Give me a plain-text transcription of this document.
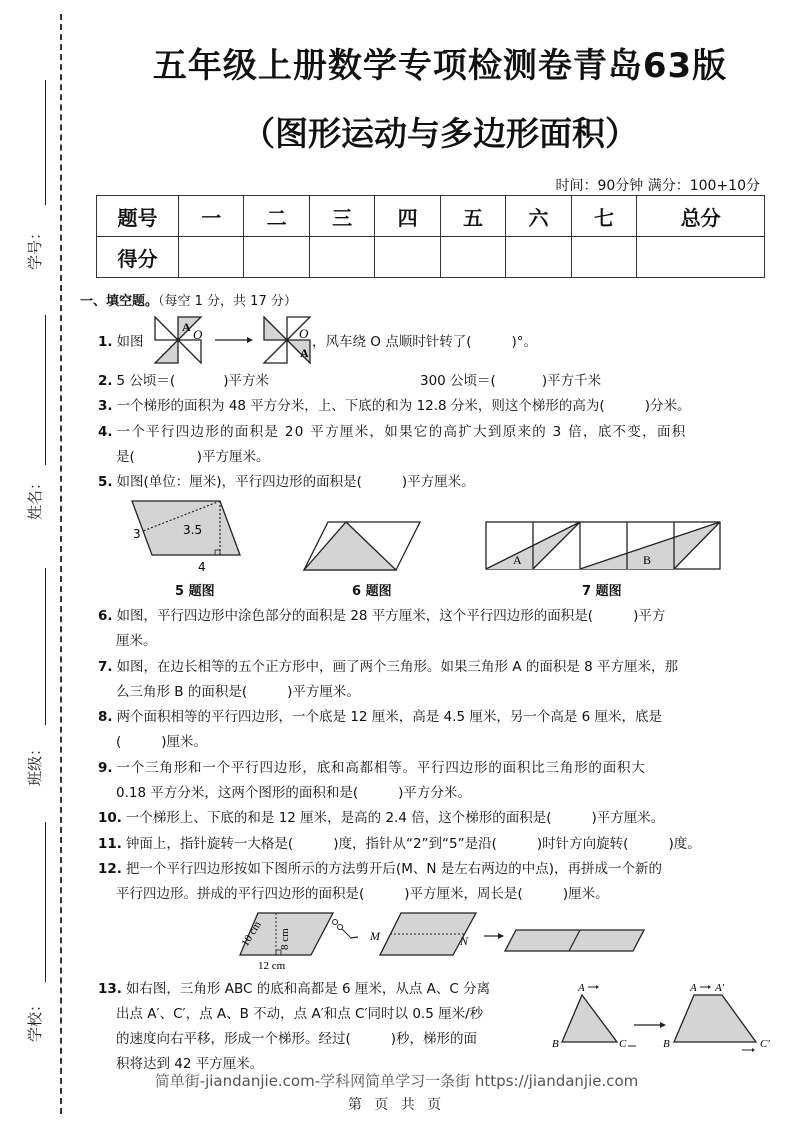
学号：
姓名：
班级：
学校：
五年级上册数学专项检测卷青岛63版
（图形运动与多边形面积）
时间：90分钟 满分：100+10分
题号	一	二	三	四	五	六	七	总分
得分								
一、填空题。（每空 1 分，共 17 分）
1. 如图
A O	O
A
，风车绕 O 点顺时针转了(	)°。
2. 5 公顷＝(	)平方米	300 公顷＝(	)平方千米
3. 一个梯形的面积为 48 平方分米，上、下底的和为 12.8 分米，则这个梯形的高为(	)分米。
4. 一个平行四边形的面积是 20 平方厘米，如果它的高扩大到原来的 3 倍，底不变，面积
是(	)平方厘米。
5. 如图(单位：厘米)，平行四边形的面积是(	)平方厘米。
3	3.5
4
5 题图	6 题图
A	B
7 题图
6. 如图，平行四边形中涂色部分的面积是 28 平方厘米，这个平行四边形的面积是(	)平方
厘米。
7. 如图，在边长相等的五个正方形中，画了两个三角形。如果三角形 A 的面积是 8 平方厘米，那
么三角形 B 的面积是(	)平方厘米。
8. 两个面积相等的平行四边形，一个底是 12 厘米，高是 4.5 厘米，另一个高是 6 厘米，底是
(	)厘米。
9. 一个三角形和一个平行四边形，底和高都相等。平行四边形的面积比三角形的面积大
0.18 平方分米，这两个图形的面积和是(	)平方分米。
10. 一个梯形上、下底的和是 12 厘米，是高的 2.4 倍，这个梯形的面积是(	)平方厘米。
11. 钟面上，指针旋转一大格是(	)度，指针从“2”到“5”是沿(	)时针方向旋转(	)度。
12. 把一个平行四边形按如下图所示的方法剪开后(M、N 是左右两边的中点)，再拼成一个新的
平行四边形。拼成的平行四边形的面积是(	)平方厘米，周长是(	)厘米。
10 cm 8 cm
12 cm
M	N
13. 如右图，三角形 ABC 的底和高都是 6 厘米，从点 A、C 分离
出点 A′、C′，点 A、B 不动，点 A′和点 C′同时以 0.5 厘米/秒
的速度向右平移，形成一个梯形。经过(	)秒，梯形的面
积将达到 42 平方厘米。
A
B	C
A A′
B	C′
简单街-jiandanjie.com-学科网简单学习一条街 https://jiandanjie.com
第 页 共 页
